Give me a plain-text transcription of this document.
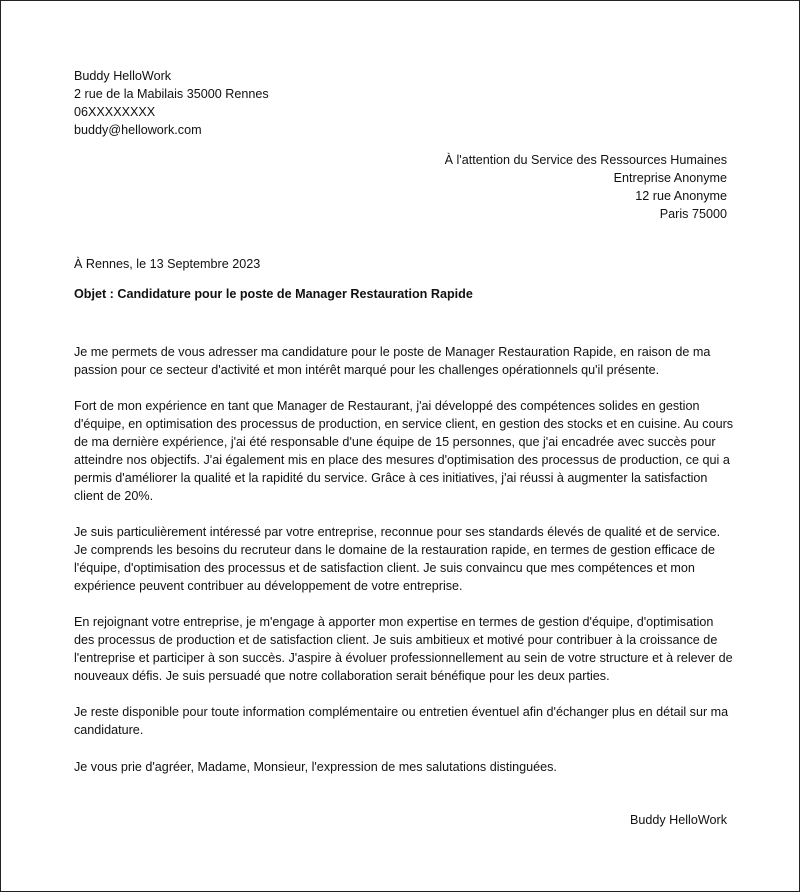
Buddy HelloWork
2 rue de la Mabilais 35000 Rennes
06XXXXXXXX
buddy@hellowork.com
À l'attention du Service des Ressources Humaines
Entreprise Anonyme
12 rue Anonyme
Paris 75000
À Rennes, le 13 Septembre 2023
Objet : Candidature pour le poste de Manager Restauration Rapide

Je me permets de vous adresser ma candidature pour le poste de Manager Restauration Rapide, en raison de ma passion pour ce secteur d'activité et mon intérêt marqué pour les challenges opérationnels qu'il présente.

Fort de mon expérience en tant que Manager de Restaurant, j'ai développé des compétences solides en gestion d'équipe, en optimisation des processus de production, en service client, en gestion des stocks et en cuisine. Au cours de ma dernière expérience, j'ai été responsable d'une équipe de 15 personnes, que j'ai encadrée avec succès pour atteindre nos objectifs. J'ai également mis en place des mesures d'optimisation des processus de production, ce qui a permis d'améliorer la qualité et la rapidité du service. Grâce à ces initiatives, j'ai réussi à augmenter la satisfaction client de 20%.

Je suis particulièrement intéressé par votre entreprise, reconnue pour ses standards élevés de qualité et de service. Je comprends les besoins du recruteur dans le domaine de la restauration rapide, en termes de gestion efficace de l'équipe, d'optimisation des processus et de satisfaction client. Je suis convaincu que mes compétences et mon expérience peuvent contribuer au développement de votre entreprise.

En rejoignant votre entreprise, je m'engage à apporter mon expertise en termes de gestion d'équipe, d'optimisation des processus de production et de satisfaction client. Je suis ambitieux et motivé pour contribuer à la croissance de l'entreprise et participer à son succès. J'aspire à évoluer professionnellement au sein de votre structure et à relever de nouveaux défis. Je suis persuadé que notre collaboration serait bénéfique pour les deux parties.

Je reste disponible pour toute information complémentaire ou entretien éventuel afin d'échanger plus en détail sur ma candidature.

Je vous prie d'agréer, Madame, Monsieur, l'expression de mes salutations distinguées.
Buddy HelloWork
